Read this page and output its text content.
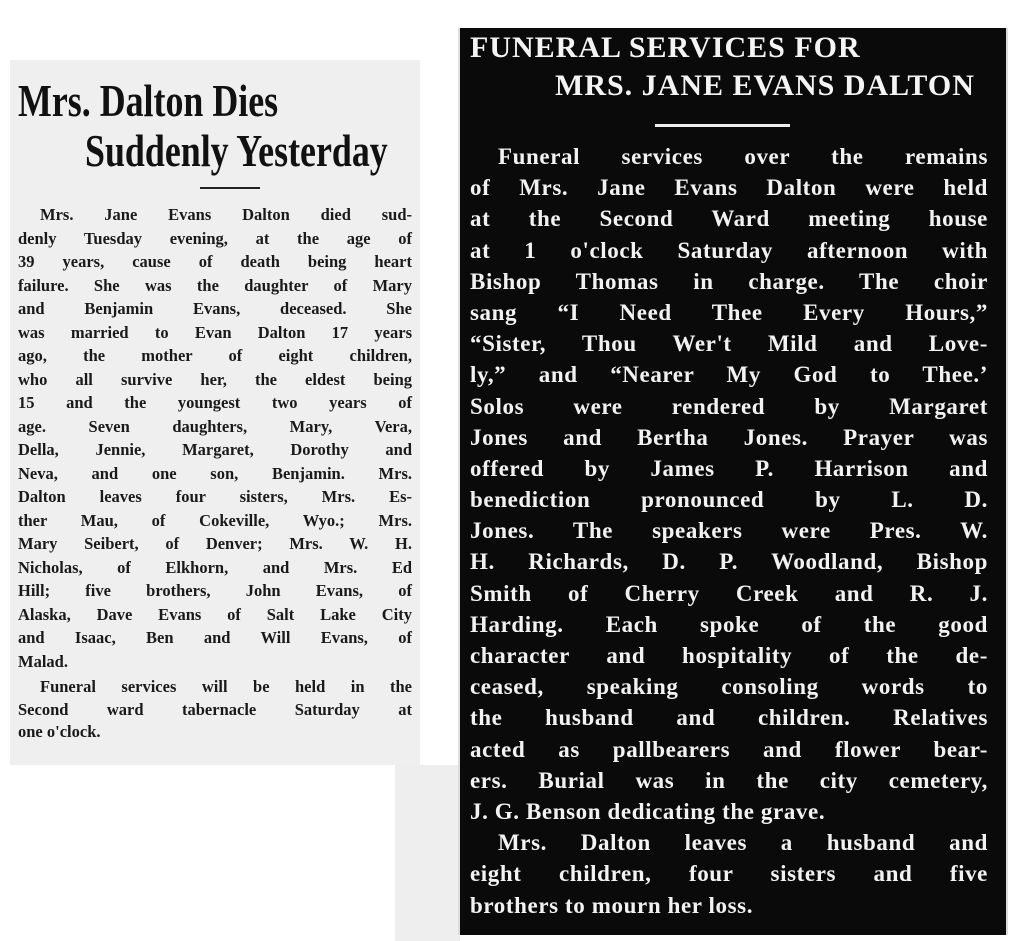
Mrs. Dalton Dies
Suddenly Yesterday
Mrs. Jane Evans Dalton died sud-
denly Tuesday evening, at the age of
39 years, cause of death being heart
failure. She was the daughter of Mary
and Benjamin Evans, deceased. She
was married to Evan Dalton 17 years
ago, the mother of eight children,
who all survive her, the eldest being
15 and the youngest two years of
age. Seven daughters, Mary, Vera,
Della, Jennie, Margaret, Dorothy and
Neva, and one son, Benjamin. Mrs.
Dalton leaves four sisters, Mrs. Es-
ther Mau, of Cokeville, Wyo.; Mrs.
Mary Seibert, of Denver; Mrs. W. H.
Nicholas, of Elkhorn, and Mrs. Ed
Hill; five brothers, John Evans, of
Alaska, Dave Evans of Salt Lake City
and Isaac, Ben and Will Evans, of
Malad.
Funeral services will be held in the
Second ward tabernacle Saturday at
one o'clock.
FUNERAL SERVICES FOR
MRS. JANE EVANS DALTON
Funeral services over the remains
of Mrs. Jane Evans Dalton were held
at the Second Ward meeting house
at 1 o'clock Saturday afternoon with
Bishop Thomas in charge. The choir
sang “I Need Thee Every Hours,”
“Sister, Thou Wer't Mild and Love-
ly,” and “Nearer My God to Thee.’
Solos were rendered by Margaret
Jones and Bertha Jones. Prayer was
offered by James P. Harrison and
benediction pronounced by L. D.
Jones. The speakers were Pres. W.
H. Richards, D. P. Woodland, Bishop
Smith of Cherry Creek and R. J.
Harding. Each spoke of the good
character and hospitality of the de-
ceased, speaking consoling words to
the husband and children. Relatives
acted as pallbearers and flower bear-
ers. Burial was in the city cemetery,
J. G. Benson dedicating the grave.
Mrs. Dalton leaves a husband and
eight children, four sisters and five
brothers to mourn her loss.
